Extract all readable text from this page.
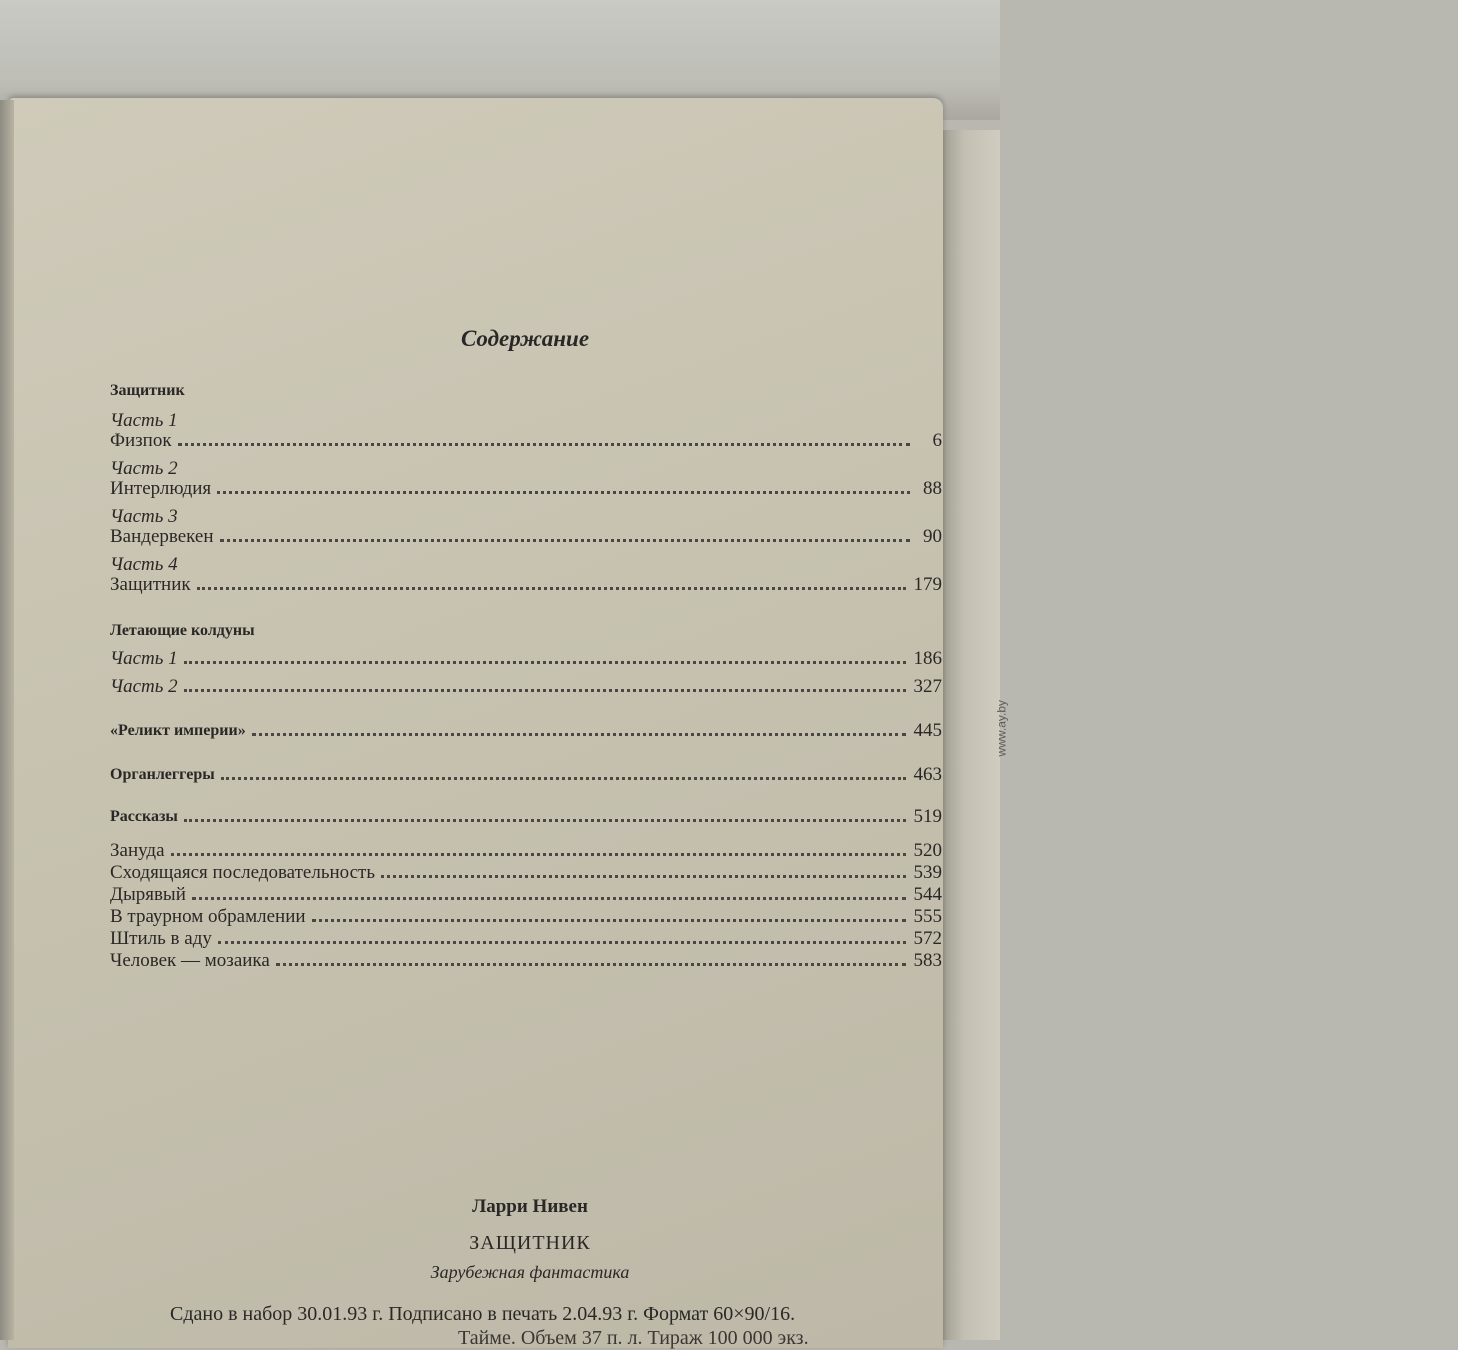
Содержание
Защитник
Часть 1
Физпок	6
Часть 2
Интерлюдия	88
Часть 3
Вандервекен	90
Часть 4
Защитник	179
Летающие колдуны
Часть 1	186
Часть 2	327
«Реликт империи»	445
Органлеггеры	463
Рассказы	519
Зануда	520
Сходящаяся последовательность	539
Дырявый	544
В траурном обрамлении	555
Штиль в аду	572
Человек — мозаика	583
Ларри Нивен
ЗАЩИТНИК
Зарубежная фантастика
Сдано в набор 30.01.93 г. Подписано в печать 2.04.93 г. Формат 60×90/16.
Тайме. Объем 37 п. л. Тираж 100 000 экз.
www.ay.by
